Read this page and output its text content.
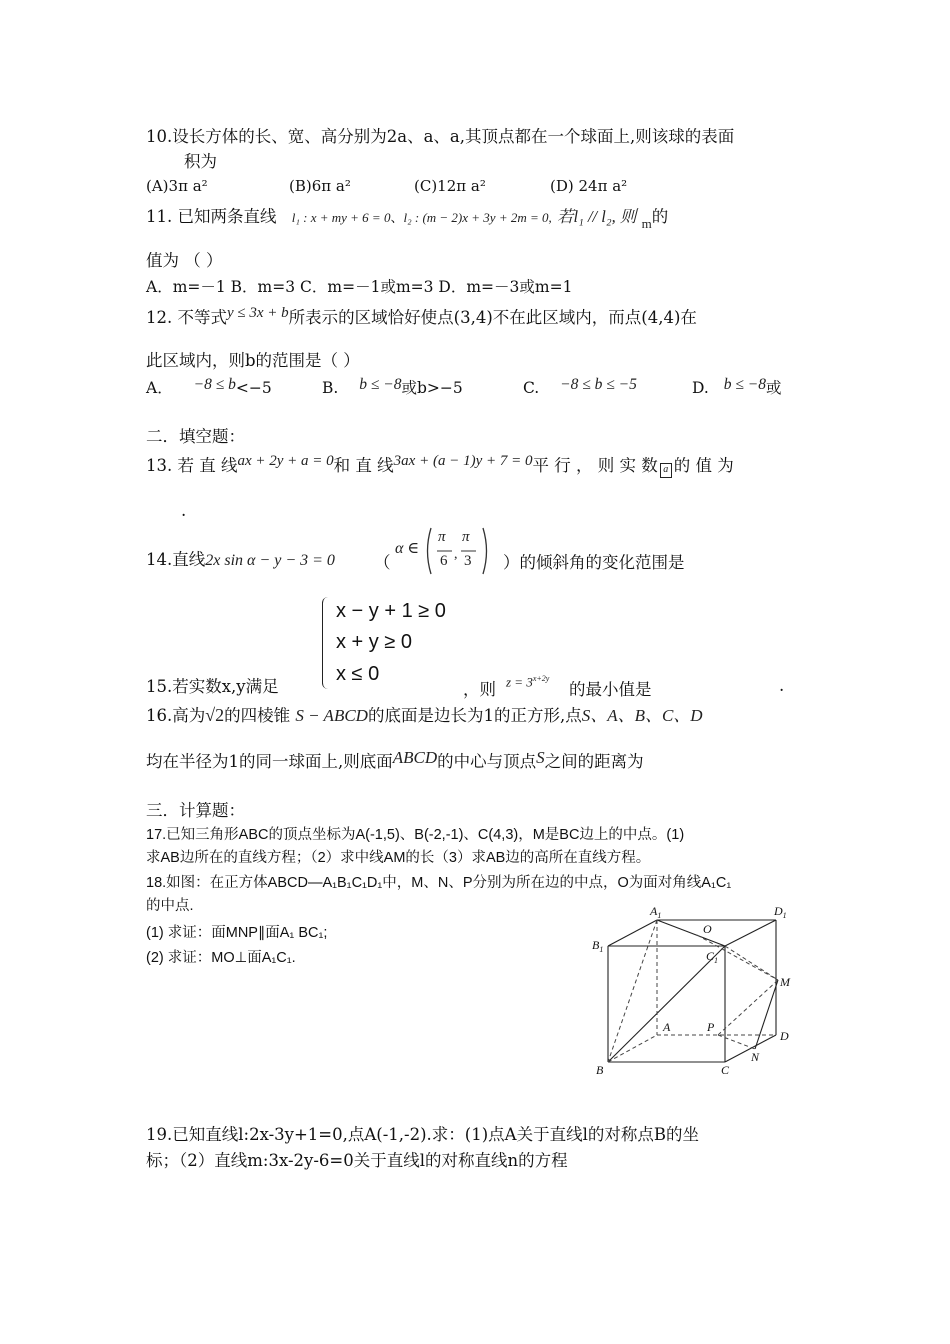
10.设长方体的长、宽、高分别为2a、a、a,其顶点都在一个球面上,则该球的表面
积为
(A)3π a²	(B)6π a²	(C)12π a²	(D) 24π a²
11. 已知两条直线 l₁ : x + my + 6 = 0、l₂ : (m − 2)x + 3y + 2m = 0, 若l₁ // l₂, 则 $_m$的
值为 （ ）
A．m=－1 B．m=3 C．m=－1或m=3 D．m=－3或m=1
12. 不等式y ≤ 3x + b所表示的区域恰好使点(3,4)不在此区域内，而点(4,4)在
此区域内，则b的范围是（ ）
A． −8 ≤ b<−5	B. b ≤ −8或b>−5	C. −8 ≤ b ≤ −5	D. b ≤ −8或
二．填空题：
13. 若 直 线ax + 2y + a = 0和 直 线3ax + (a − 1)y + 7 = 0平 行 ， 则 实 数 a 的 值 为
.
14.直线2x sin α − y − 3 = 0 （
α ∈
π
6 ,
π
3 ）的倾斜角的变化范围是
x − y + 1 ≥ 0
x + y ≥ 0
x ≤ 0
15.若实数x,y满足	，则 $z = 3^{x+2y}$
的最小值是	.
16.高为√2的四棱锥 S − ABCD的底面是边长为1的正方形,点S、A、B、C、D
均在半径为1的同一球面上,则底面ABCD的中心与顶点S之间的距离为
三．计算题：
17.已知三角形ABC的顶点坐标为A(-1,5)、B(-2,-1)、C(4,3)，M是BC边上的中点。(1)
求AB边所在的直线方程；（2）求中线AM的长（3）求AB边的高所在直线方程。
18.如图：在正方体ABCD—A₁B₁C₁D₁中，M、N、P分别为所在边的中点，O为面对角线A₁C₁
的中点.
(1) 求证：面MNP∥面A₁ BC₁;
(2) 求证：MO⊥面A₁C₁.
$A_1$	$D_1$
$B_1$
O
$C_1$
M
A	P
D
N
B	C
19.已知直线l:2x-3y+1=0,点A(-1,-2).求：(1)点A关于直线l的对称点B的坐
标；（2）直线m:3x-2y-6=0关于直线l的对称直线n的方程
